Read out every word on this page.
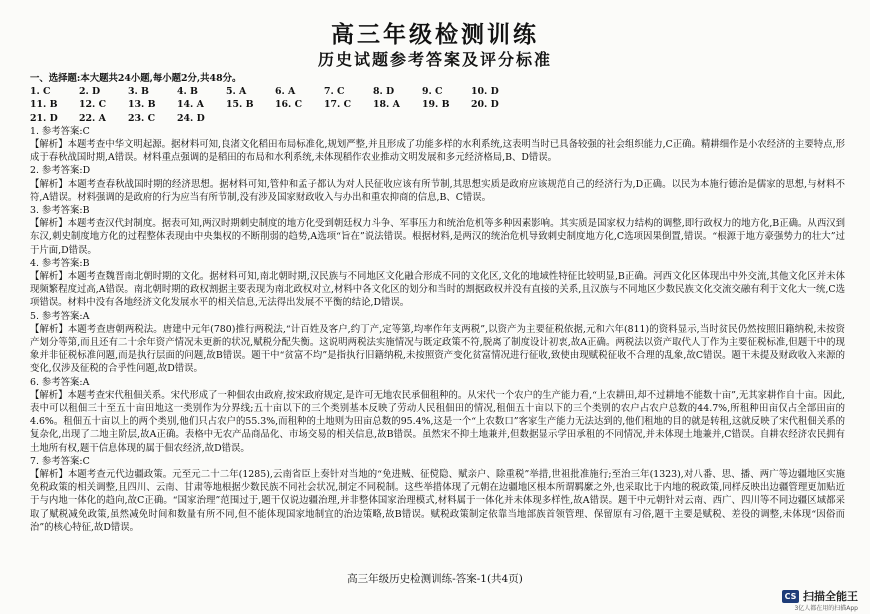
高三年级检测训练
历史试题参考答案及评分标准
一、选择题:本大题共24小题,每小题2分,共48分。
1. C	2. D	3. B	4. B	5. A	6. A	7. C	8. D	9. C	10. D
11. B	12. C	13. B	14. A	15. B	16. C	17. C	18. A	19. B	20. D
21. D	22. A	23. C	24. D
1. 参考答案:C

【解析】本题考查中华文明起源。据材料可知,良渚文化稻田布局标准化,规划严整,并且形成了功能多样的水利系统,这表明当时已具备较强的社会组织能力,C正确。精耕细作是小农经济的主要特点,形成于春秋战国时期,A错误。材料重点强调的是稻田的布局和水利系统,未体现稻作农业推动文明发展和多元经济格局,B、D错误。

2. 参考答案:D

【解析】本题考查春秋战国时期的经济思想。据材料可知,管仲和孟子都认为对人民征收应该有所节制,其思想实质是政府应该规范自己的经济行为,D正确。以民为本施行德治是儒家的思想,与材料不符,A错误。材料强调的是政府的行为应当有所节制,没有涉及国家财政收入与办出和重农抑商的信息,B、C错误。

3. 参考答案:B

【解析】本题考查汉代封制度。据表可知,两汉时期刺史制度的地方化受到朝廷权力斗争、军事压力和统治危机等多种因素影响。其实质是国家权力结构的调整,即行政权力的地方化,B正确。从西汉到东汉,刺史制度地方化的过程整体表现由中央集权的不断削弱的趋势,A选项“旨在”说法错误。根据材料,是两汉的统治危机导致刺史制度地方化,C选项因果倒置,错误。“根源于地方豪强势力的壮大”过于片面,D错误。

4. 参考答案:B

【解析】本题考查魏晋南北朝时期的文化。据材料可知,南北朝时期,汉民族与不同地区文化融合形成不同的文化区,文化的地域性特征比较明显,B正确。河西文化区体现出中外交流,其他文化区并未体现频繁程度过高,A错误。南北朝时期的政权割据主要表现为南北政权对立,材料中各文化区的划分和当时的割据政权并没有直接的关系,且汉族与不同地区少数民族文化交流交融有利于文化大一统,C选项错误。材料中没有各地经济文化发展水平的相关信息,无法得出发展不平衡的结论,D错误。

5. 参考答案:A

【解析】本题考查唐朝两税法。唐建中元年(780)推行两税法,“计百姓及客户,约丁产,定等第,均率作年支两税”,以资产为主要征税依据,元和六年(811)的资料显示,当时贫民仍然按照旧籍纳税,未按资产划分等第,而且还有二十余年资产情况未更新的状况,赋税分配失衡。这说明两税法实施情况与既定政策不符,脱离了制度设计初衷,故A正确。两税法以资产取代人丁作为主要征税标准,但题干中的现象并非征税标准问题,而是执行层面的问题,故B错误。题干中“贫富不均”是指执行旧籍纳税,未按照资产变化贫富情况进行征收,致使由现赋税征收不合理的乱象,故C错误。题干未提及财政收入来源的变化,仅涉及征税的合乎性问题,故D错误。

6. 参考答案:A

【解析】本题考查宋代租佃关系。宋代形成了一种佃农由政府,按宋政府规定,是许可无地农民承佃租种的。从宋代一个农户的生产能力看,“上农耕田,却不过耕地不能数十亩”,无其家耕作自十亩。因此,表中可以租佃三十至五十亩田地这一类别作为分界线;五十亩以下的三个类别基本反映了劳动人民租佃田的情况,租佃五十亩以下的三个类别的农户占农户总数的44.7%,所租种田亩仅占全部田亩的4.6%。租佃五十亩以上的两个类别,他们只占农户的55.3%,而租种的土地则为田亩总数的95.4%,这是一个“上农数口”客家生产能力无法达到的,他们租地的目的就是转租,这就反映了宋代租佃关系的复杂化,出现了二地主阶层,故A正确。表格中无农产品商品化、市场交易的相关信息,故B错误。虽然宋不抑土地兼并,但数据显示学田承租的不同情况,并未体现土地兼并,C错误。自耕农经济农民拥有土地所有权,题干信息体现的属于佃农经济,故D错误。

7. 参考答案:C

【解析】本题考查元代边疆政策。元至元二十二年(1285),云南省臣上奏针对当地的“免进贼、征傥隐、赋亲户、除重税”举措,世祖批准施行;至治三年(1323),对八番、思、播、两广等边疆地区实施免税政策的相关调整,且四川、云南、甘肃等地根据少数民族不同社会状况,制定不同税制。这些举措体现了元朝在边疆地区根本所谓羁縻之外,也采取比于内地的税政策,同样反映出边疆管理更加贴近于与内地一体化的趋向,故C正确。“国家治理”范围过于,题干仅说边疆治理,并非整体国家治理模式,材料属于一体化并未体现多样性,故A错误。题干中元朝针对云南、西广、四川等不同边疆区域都采取了赋税减免政策,虽然减免时间和数量有所不同,但不能体现国家地制宜的治边策略,故B错误。赋税政策制定依靠当地部族首领管理、保留原有习俗,题干主要是赋税、差役的调整,未体现“因俗而治”的核心特征,故D错误。

高三年级历史检测训练-答案-1(共4页)
CS 扫描全能王
3亿人都在用的扫描App
